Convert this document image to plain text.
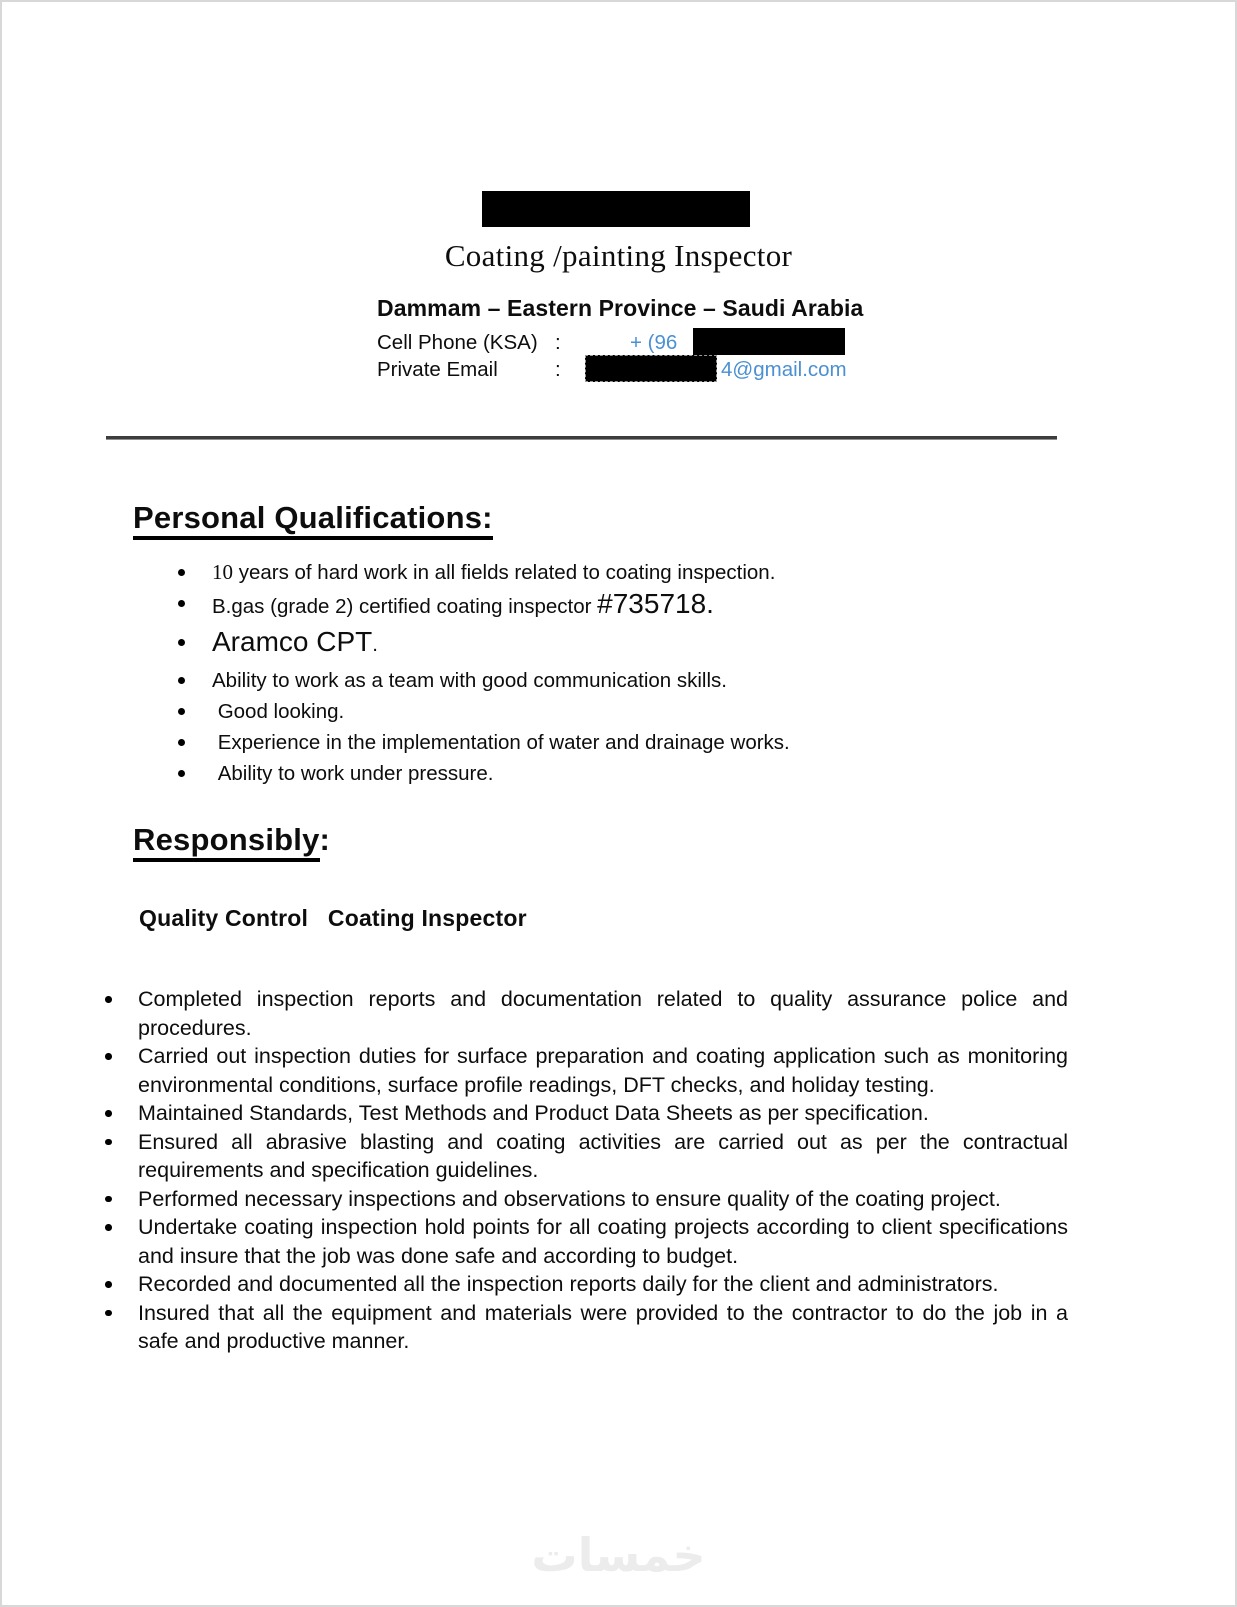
Coating /painting Inspector
Dammam – Eastern Province – Saudi Arabia
Cell Phone (KSA) :	+ (96
Private Email	:	4@gmail.com
Personal Qualifications:
10 years of hard work in all fields related to coating inspection.
B.gas (grade 2) certified coating inspector #735718.
Aramco CPT.
Ability to work as a team with good communication skills.
Good looking.
Experience in the implementation of water and drainage works.
Ability to work under pressure.
Responsibly:
Quality Control   Coating Inspector
Completed inspection reports and documentation related to quality assurance police and procedures.
Carried out inspection duties for surface preparation and coating application such as monitoring environmental conditions, surface profile readings, DFT checks, and holiday testing.
Maintained Standards, Test Methods and Product Data Sheets as per specification.
Ensured all abrasive blasting and coating activities are carried out as per the contractual requirements and specification guidelines.
Performed necessary inspections and observations to ensure quality of the coating project.
Undertake coating inspection hold points for all coating projects according to client specifications and insure that the job was done safe and according to budget.
Recorded and documented all the inspection reports daily for the client and administrators.
Insured that all the equipment and materials were provided to the contractor to do the job in a safe and productive manner.
خمسات
